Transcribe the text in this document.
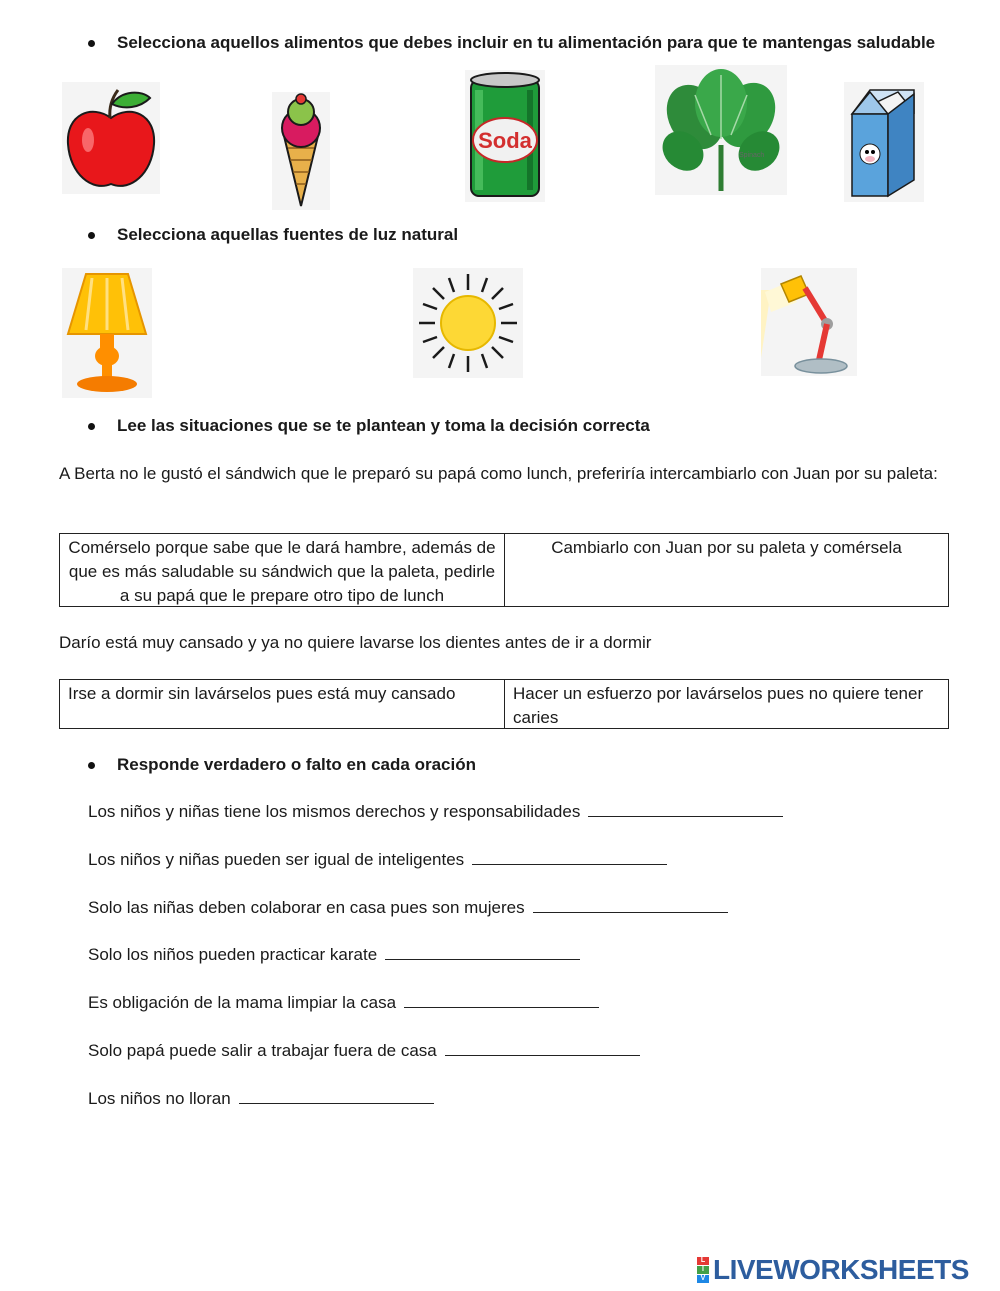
Selecciona aquellos alimentos que debes incluir en tu alimentación para que te mantengas saludable
Soda
Spinach
Selecciona aquellas fuentes de luz natural
Lee las situaciones que se te plantean y toma la decisión correcta
A Berta no le gustó el sándwich que le preparó su papá como lunch, preferiría intercambiarlo con Juan por su paleta:
Comérselo porque sabe que le dará hambre, además de que es más saludable su sándwich que la paleta, pedirle a su papá que le prepare otro tipo de lunch
Cambiarlo con Juan por su paleta y comérsela
Darío está muy cansado y ya no quiere lavarse los dientes antes de ir a dormir
Irse a dormir sin lavárselos pues está muy cansado	Hacer un esfuerzo por lavárselos pues no quiere tener caries
Responde verdadero o falto en cada oración
Los niños y niñas tiene los mismos derechos y responsabilidades
Los niños y niñas pueden ser igual de inteligentes
Solo las niñas deben colaborar en casa pues son mujeres
Solo los niños pueden practicar karate
Es obligación de la mama limpiar la casa
Solo papá puede salir a trabajar fuera de casa
Los niños no lloran
L
I
V LIVEWORKSHEETS
